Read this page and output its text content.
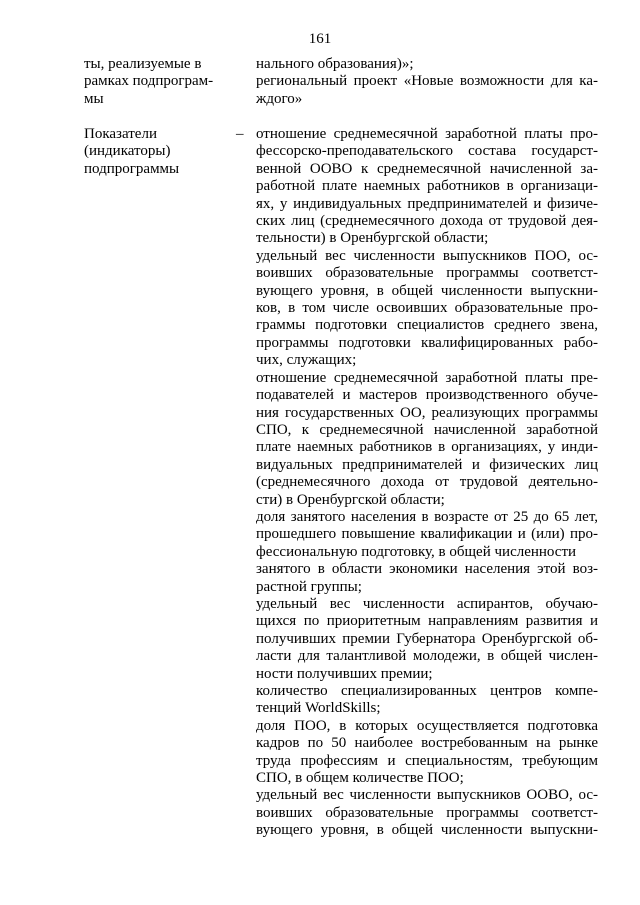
161
ты, реализуемые в
рамках подпрограм-
мы
нального образования)»;
региональный проект «Новые возможности для ка-
ждого»
Показатели
(индикаторы)
подпрограммы
– отношение среднемесячной заработной платы про-
фессорско-преподавательского состава государст-
венной ООВО к среднемесячной начисленной за-
работной плате наемных работников в организаци-
ях, у индивидуальных предпринимателей и физиче-
ских лиц (среднемесячного дохода от трудовой дея-
тельности) в Оренбургской области;
удельный вес численности выпускников ПОО, ос-
воивших образовательные программы соответст-
вующего уровня, в общей численности выпускни-
ков, в том числе освоивших образовательные про-
граммы подготовки специалистов среднего звена,
программы подготовки квалифицированных рабо-
чих, служащих;
отношение среднемесячной заработной платы пре-
подавателей и мастеров производственного обуче-
ния государственных ОО, реализующих программы
СПО, к среднемесячной начисленной заработной
плате наемных работников в организациях, у инди-
видуальных предпринимателей и физических лиц
(среднемесячного дохода от трудовой деятельно-
сти) в Оренбургской области;
доля занятого населения в возрасте от 25 до 65 лет,
прошедшего повышение квалификации и (или) про-
фессиональную подготовку, в общей численности
занятого в области экономики населения этой воз-
растной группы;
удельный вес численности аспирантов, обучаю-
щихся по приоритетным направлениям развития и
получивших премии Губернатора Оренбургской об-
ласти для талантливой молодежи, в общей числен-
ности получивших премии;
количество специализированных центров компе-
тенций WorldSkills;
доля ПОО, в которых осуществляется подготовка
кадров по 50 наиболее востребованным на рынке
труда профессиям и специальностям, требующим
СПО, в общем количестве ПОО;
удельный вес численности выпускников ООВО, ос-
воивших образовательные программы соответст-
вующего уровня, в общей численности выпускни-
